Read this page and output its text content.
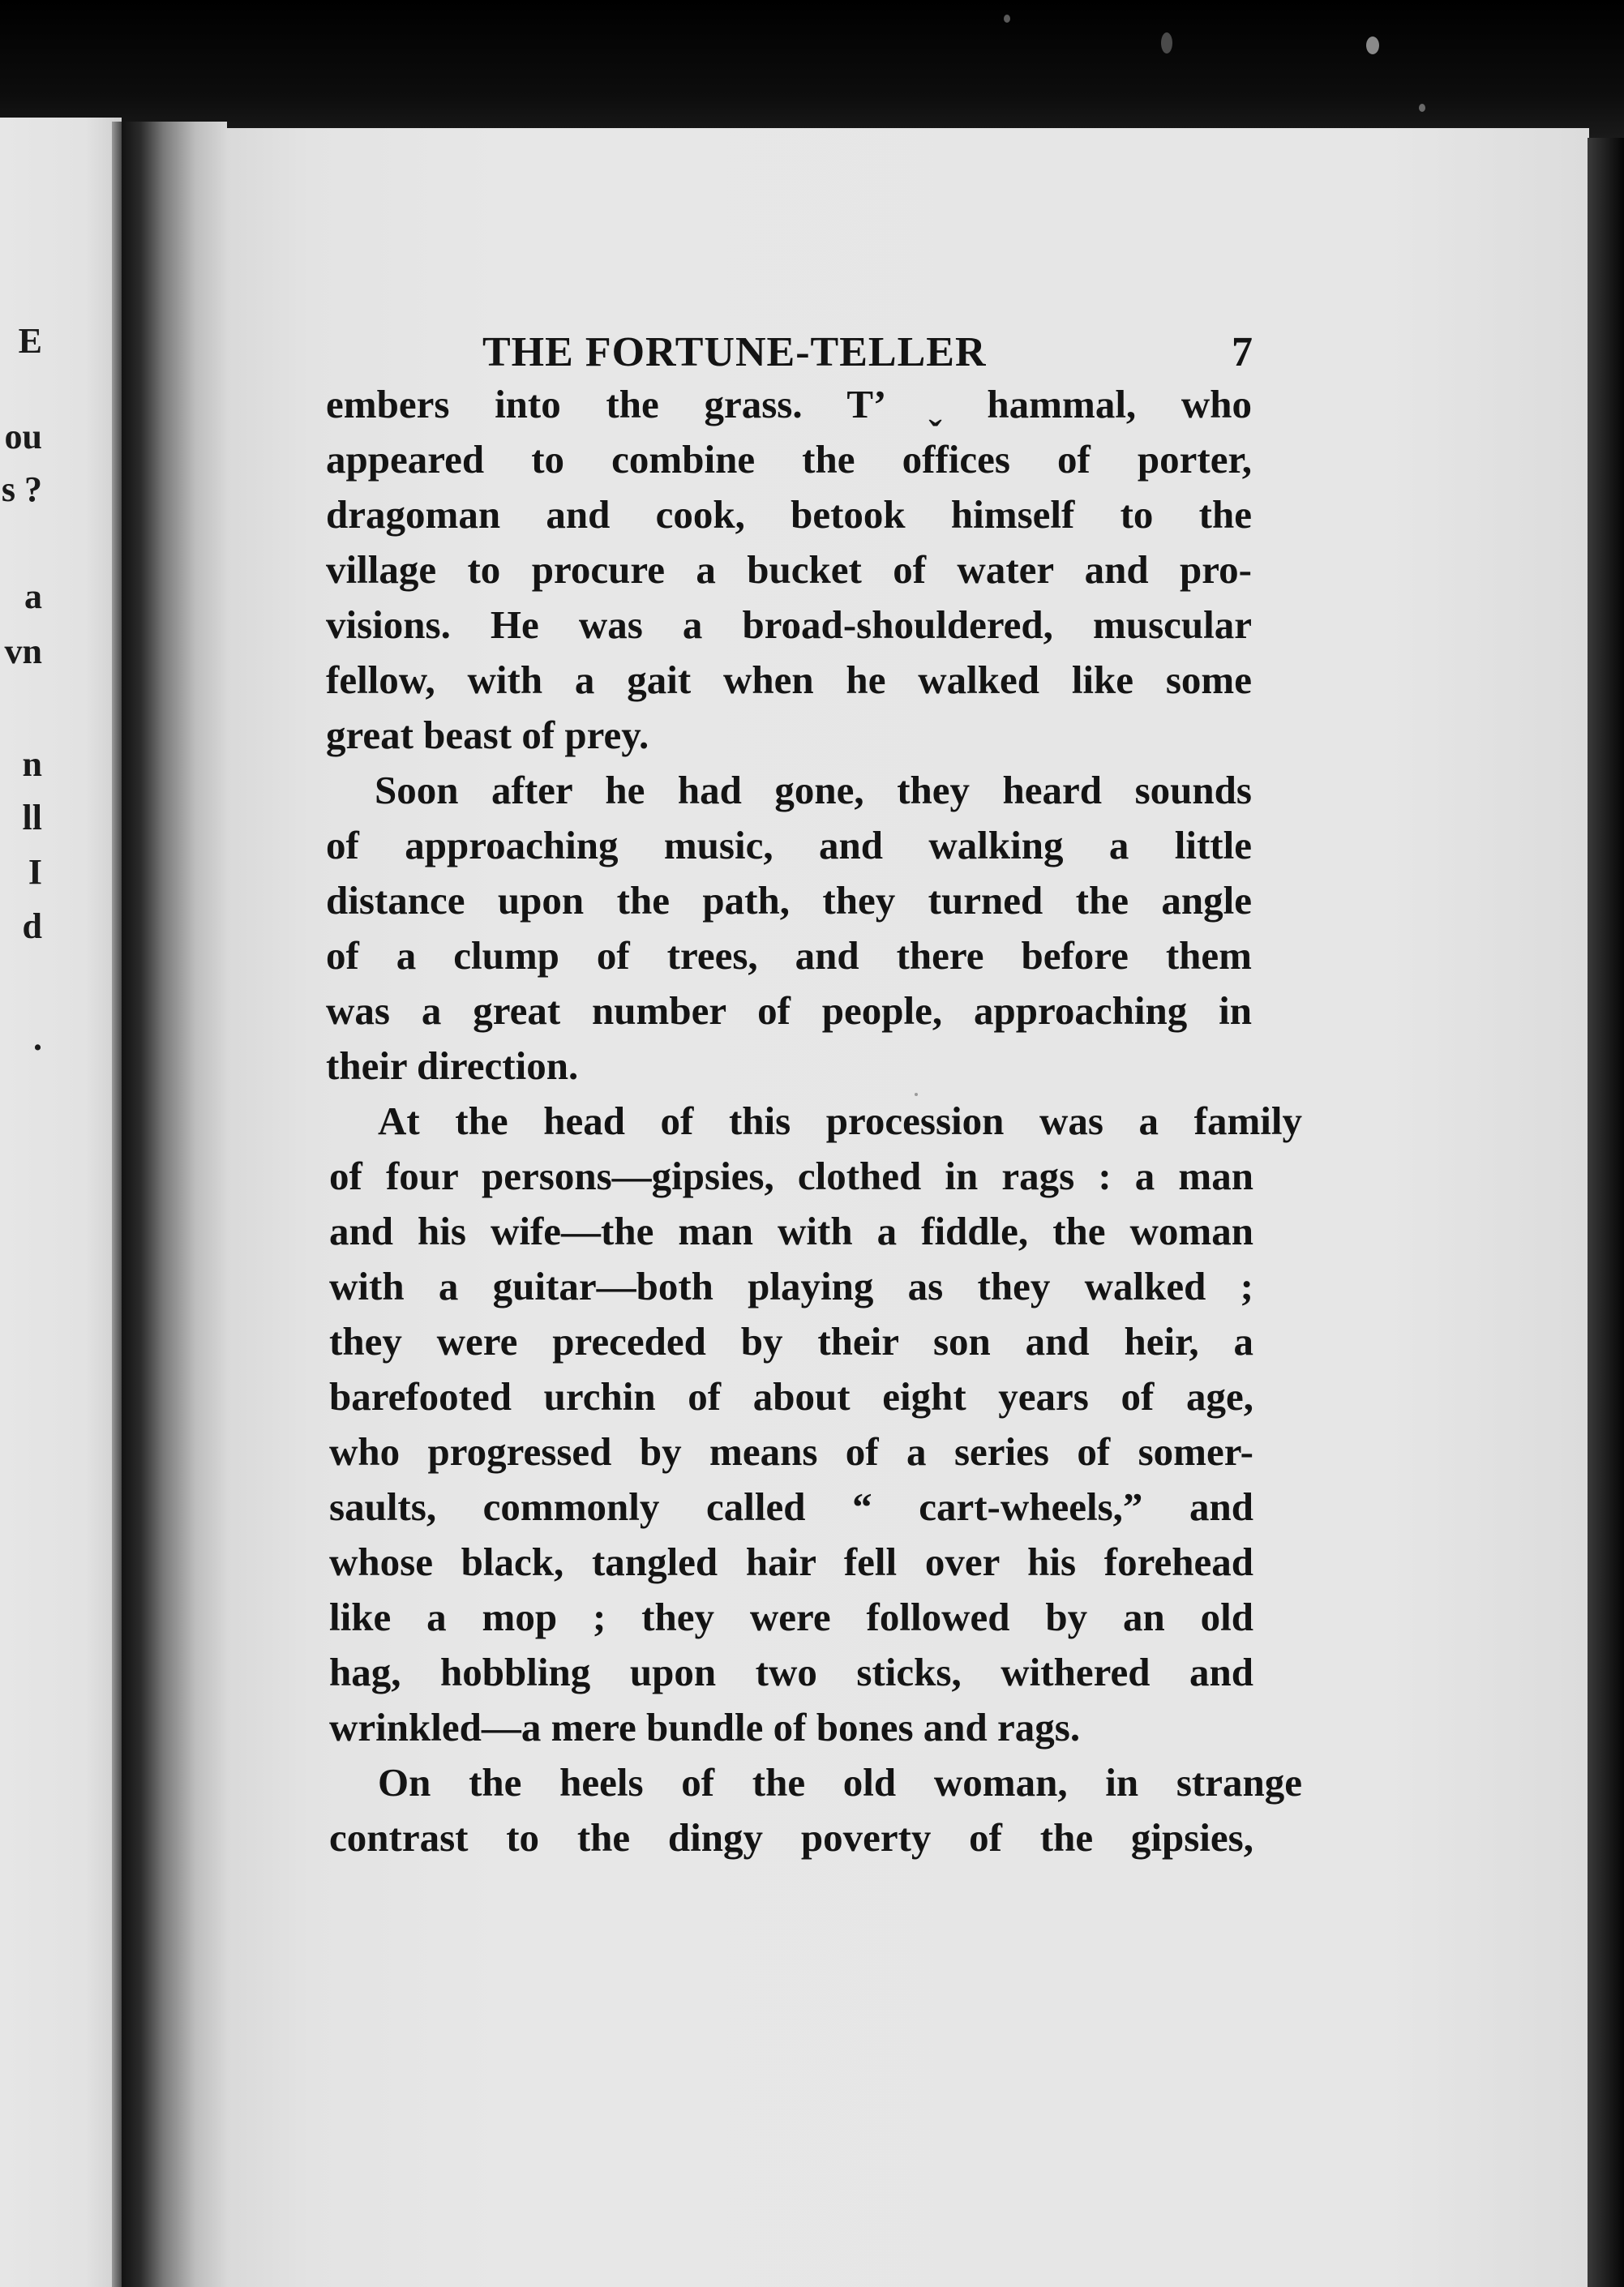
E
ou
s ?
a
vn
n
ll
I
d
.
THE FORTUNE-TELLER	7
embers into the grass. T’ ˬ hammal, who
appeared to combine the offices of porter,
dragoman and cook, betook himself to the
village to procure a bucket of water and pro-
visions. He was a broad-shouldered, muscular
fellow, with a gait when he walked like some
great beast of prey.
Soon after he had gone, they heard sounds
of approaching music, and walking a little
distance upon the path, they turned the angle
of a clump of trees, and there before them
was a great number of people, approaching in
their direction.
At the head of this procession was a family
of four persons—gipsies, clothed in rags : a man
and his wife—the man with a fiddle, the woman
with a guitar—both playing as they walked ;
they were preceded by their son and heir, a
barefooted urchin of about eight years of age,
who progressed by means of a series of somer-
saults, commonly called “ cart-wheels,” and
whose black, tangled hair fell over his forehead
like a mop ; they were followed by an old
hag, hobbling upon two sticks, withered and
wrinkled—a mere bundle of bones and rags.
On the heels of the old woman, in strange
contrast to the dingy poverty of the gipsies,
